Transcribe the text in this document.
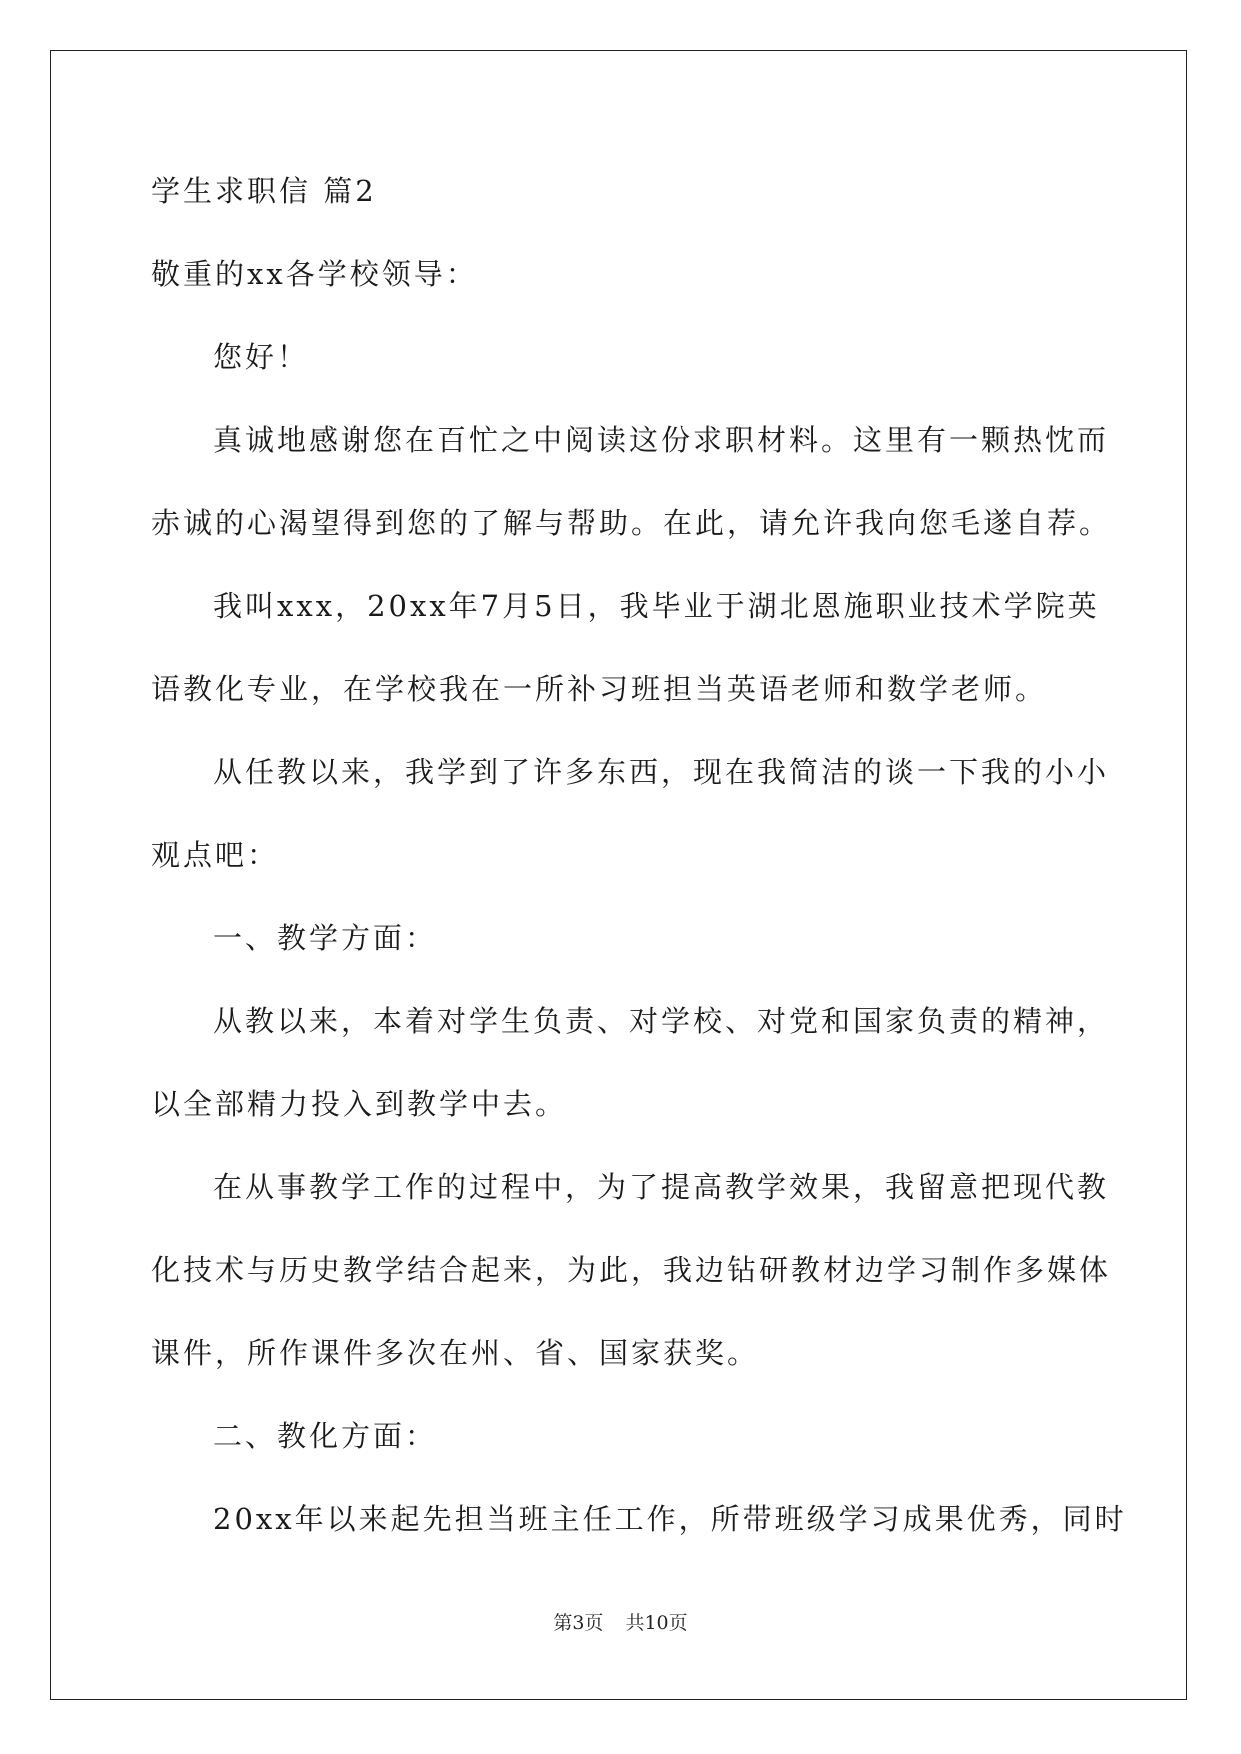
学生求职信 篇2
敬重的xx各学校领导：
您好！
真诚地感谢您在百忙之中阅读这份求职材料。这里有一颗热忱而
赤诚的心渴望得到您的了解与帮助。在此，请允许我向您毛遂自荐。
我叫xxx，20xx年7月5日，我毕业于湖北恩施职业技术学院英
语教化专业，在学校我在一所补习班担当英语老师和数学老师。
从任教以来，我学到了许多东西，现在我简洁的谈一下我的小小
观点吧：
一、教学方面：
从教以来，本着对学生负责、对学校、对党和国家负责的精神，
以全部精力投入到教学中去。
在从事教学工作的过程中，为了提高教学效果，我留意把现代教
化技术与历史教学结合起来，为此，我边钻研教材边学习制作多媒体
课件，所作课件多次在州、省、国家获奖。
二、教化方面：
20xx年以来起先担当班主任工作，所带班级学习成果优秀，同时
第3页 共10页
